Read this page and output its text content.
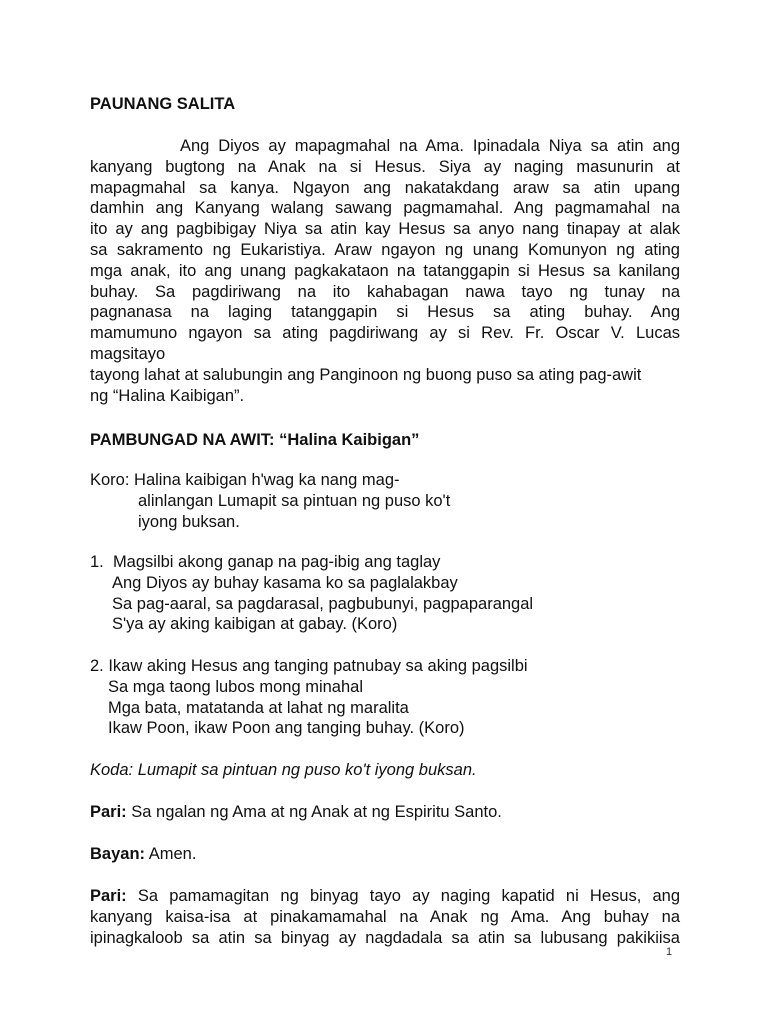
PAUNANG SALITA
Ang Diyos ay mapagmahal na Ama. Ipinadala Niya sa atin ang
kanyang bugtong na Anak na si Hesus. Siya ay naging masunurin at
mapagmahal sa kanya. Ngayon ang nakatakdang araw sa atin upang
damhin ang Kanyang walang sawang pagmamahal. Ang pagmamahal na
ito ay ang pagbibigay Niya sa atin kay Hesus sa anyo nang tinapay at alak
sa sakramento ng Eukaristiya. Araw ngayon ng unang Komunyon ng ating
mga anak, ito ang unang pagkakataon na tatanggapin si Hesus sa kanilang
buhay. Sa pagdiriwang na ito kahabagan nawa tayo ng tunay na
pagnanasa na laging tatanggapin si Hesus sa ating buhay. Ang
mamumuno ngayon sa ating pagdiriwang ay si Rev. Fr. Oscar V. Lucas
magsitayo
tayong lahat at salubungin ang Panginoon ng buong puso sa ating pag-awit
ng “Halina Kaibigan”.
PAMBUNGAD NA AWIT: “Halina Kaibigan”
Koro: Halina kaibigan h'wag ka nang mag-
alinlangan Lumapit sa pintuan ng puso ko't
iyong buksan.
1. Magsilbi akong ganap na pag-ibig ang taglay
Ang Diyos ay buhay kasama ko sa paglalakbay
Sa pag-aaral, sa pagdarasal, pagbubunyi, pagpaparangal
S'ya ay aking kaibigan at gabay. (Koro)
2. Ikaw aking Hesus ang tanging patnubay sa aking pagsilbi
Sa mga taong lubos mong minahal
Mga bata, matatanda at lahat ng maralita
Ikaw Poon, ikaw Poon ang tanging buhay. (Koro)
Koda: Lumapit sa pintuan ng puso ko't iyong buksan.
Pari: Sa ngalan ng Ama at ng Anak at ng Espiritu Santo.
Bayan: Amen.
Pari: Sa pamamagitan ng binyag tayo ay naging kapatid ni Hesus, ang
kanyang kaisa-isa at pinakamamahal na Anak ng Ama. Ang buhay na
ipinagkaloob sa atin sa binyag ay nagdadala sa atin sa lubusang pakikiisa
1
